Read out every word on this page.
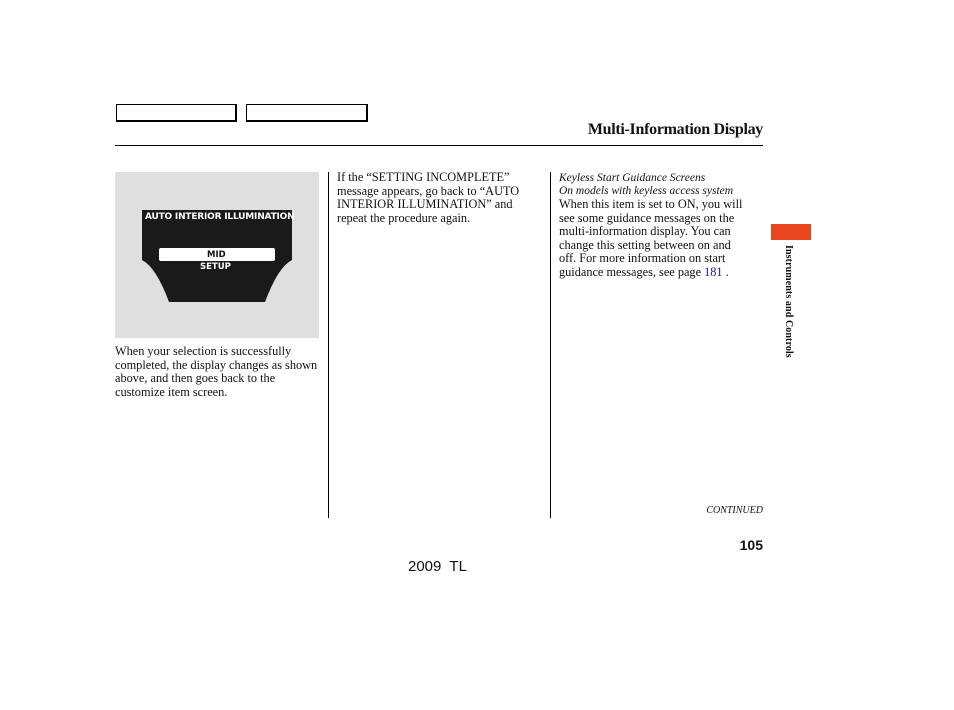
Multi-Information Display
AUTO INTERIOR ILLUMINATION
MID
SETUP
When your selection is successfully completed, the display changes as shown above, and then goes back to the customize item screen.
If the “SETTING INCOMPLETE”
message appears, go back to “AUTO
INTERIOR ILLUMINATION” and
repeat the procedure again.
Keyless Start Guidance Screens
On models with keyless access system
When this item is set to ON, you will
see some guidance messages on the
multi-information display. You can
change this setting between on and
off. For more information on start
guidance messages, see page 181 .	Instruments and Controls
CONTINUED
105
2009  TL
